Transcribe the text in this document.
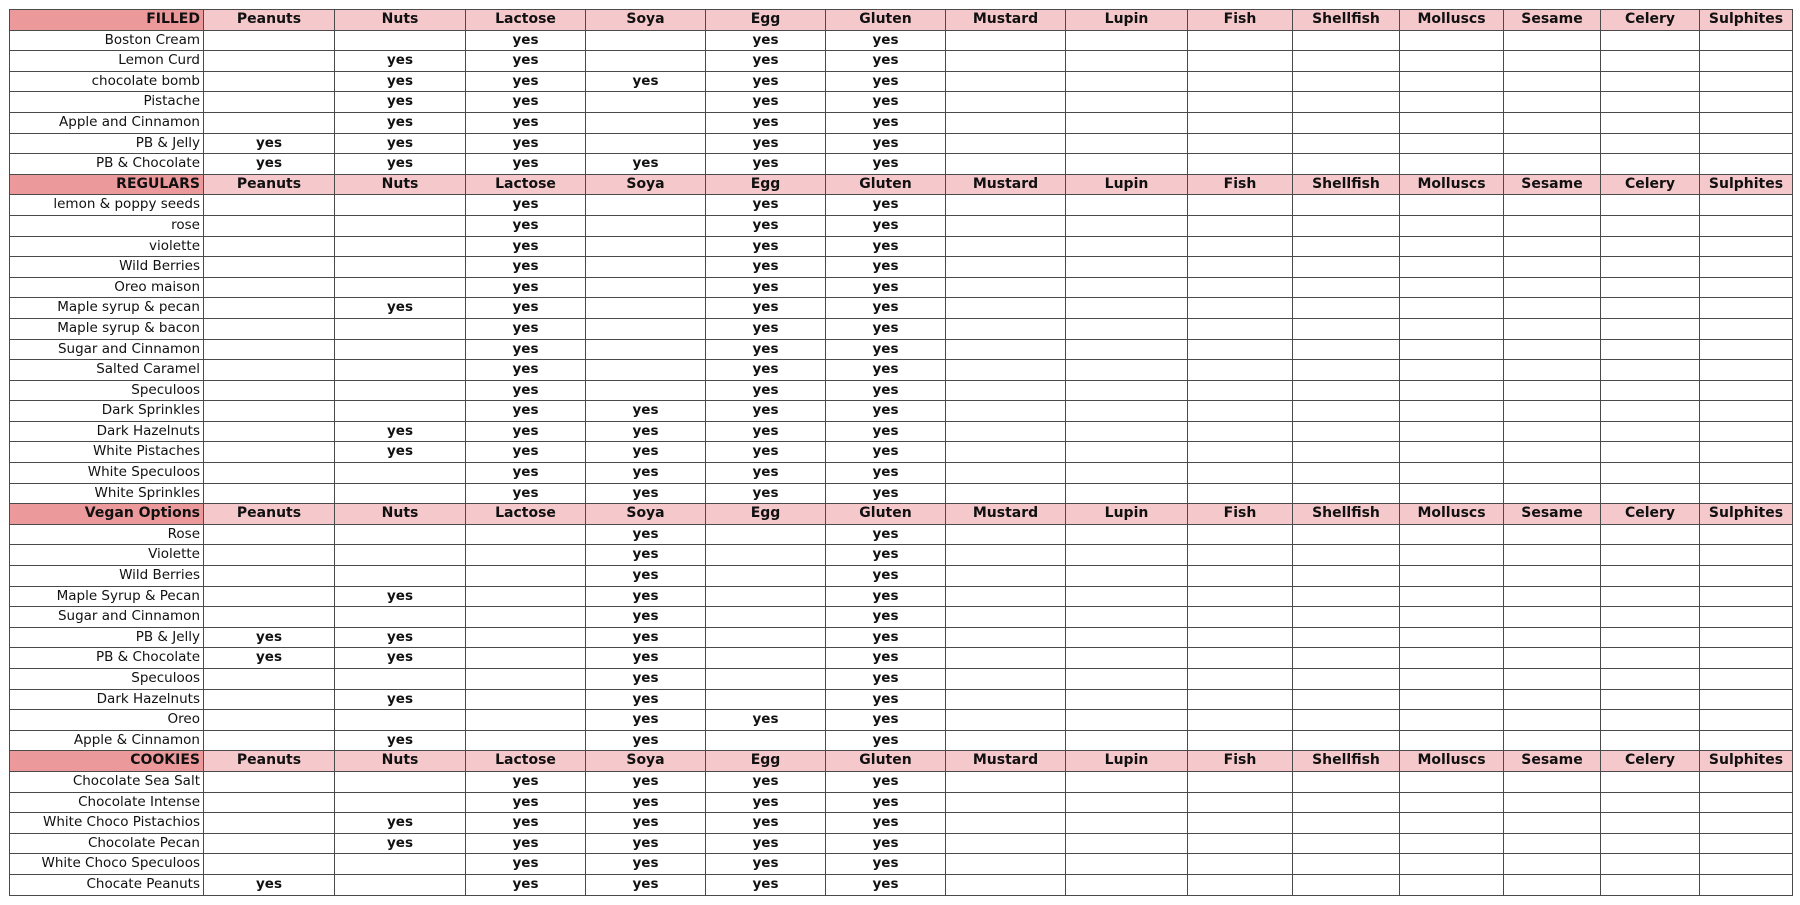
FILLED	Peanuts	Nuts	Lactose	Soya	Egg	Gluten	Mustard	Lupin	Fish	Shellfish	Molluscs	Sesame	Celery	Sulphites
Boston Cream			yes		yes	yes								
Lemon Curd		yes	yes		yes	yes								
chocolate bomb		yes	yes	yes	yes	yes								
Pistache		yes	yes		yes	yes								
Apple and Cinnamon		yes	yes		yes	yes								
PB & Jelly	yes	yes	yes		yes	yes								
PB & Chocolate	yes	yes	yes	yes	yes	yes								
REGULARS	Peanuts	Nuts	Lactose	Soya	Egg	Gluten	Mustard	Lupin	Fish	Shellfish	Molluscs	Sesame	Celery	Sulphites
lemon & poppy seeds			yes		yes	yes								
rose			yes		yes	yes								
violette			yes		yes	yes								
Wild Berries			yes		yes	yes								
Oreo maison			yes		yes	yes								
Maple syrup & pecan		yes	yes		yes	yes								
Maple syrup & bacon			yes		yes	yes								
Sugar and Cinnamon			yes		yes	yes								
Salted Caramel			yes		yes	yes								
Speculoos			yes		yes	yes								
Dark Sprinkles			yes	yes	yes	yes								
Dark Hazelnuts		yes	yes	yes	yes	yes								
White Pistaches		yes	yes	yes	yes	yes								
White Speculoos			yes	yes	yes	yes								
White Sprinkles			yes	yes	yes	yes								
Vegan Options	Peanuts	Nuts	Lactose	Soya	Egg	Gluten	Mustard	Lupin	Fish	Shellfish	Molluscs	Sesame	Celery	Sulphites
Rose				yes		yes								
Violette				yes		yes								
Wild Berries				yes		yes								
Maple Syrup & Pecan		yes		yes		yes								
Sugar and Cinnamon				yes		yes								
PB & Jelly	yes	yes		yes		yes								
PB & Chocolate	yes	yes		yes		yes								
Speculoos				yes		yes								
Dark Hazelnuts		yes		yes		yes								
Oreo				yes	yes	yes								
Apple & Cinnamon		yes		yes		yes								
COOKIES	Peanuts	Nuts	Lactose	Soya	Egg	Gluten	Mustard	Lupin	Fish	Shellfish	Molluscs	Sesame	Celery	Sulphites
Chocolate Sea Salt			yes	yes	yes	yes								
Chocolate Intense			yes	yes	yes	yes								
White Choco Pistachios		yes	yes	yes	yes	yes								
Chocolate Pecan		yes	yes	yes	yes	yes								
White Choco Speculoos			yes	yes	yes	yes								
Chocate Peanuts	yes		yes	yes	yes	yes								
